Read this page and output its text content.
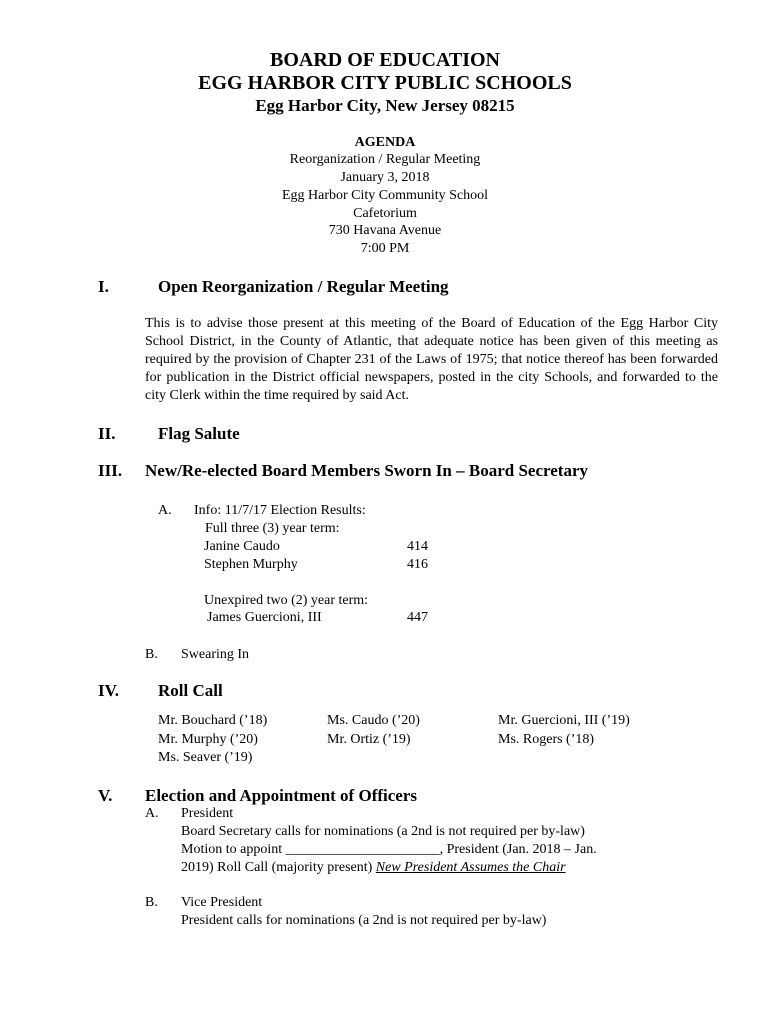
BOARD OF EDUCATION
EGG HARBOR CITY PUBLIC SCHOOLS
Egg Harbor City, New Jersey 08215
AGENDA
Reorganization / Regular Meeting
January 3, 2018
Egg Harbor City Community School
Cafetorium
730 Havana Avenue
7:00 PM
I.	Open Reorganization / Regular Meeting
This is to advise those present at this meeting of the Board of Education of the Egg Harbor City School District, in the County of Atlantic, that adequate notice has been given of this meeting as required by the provision of Chapter 231 of the Laws of 1975; that notice thereof has been forwarded for publication in the District official newspapers, posted in the city Schools, and forwarded to the city Clerk within the time required by said Act.
II.	Flag Salute
III. New/Re-elected Board Members Sworn In – Board Secretary
A. Info: 11/7/17 Election Results:
Full three (3) year term:
Janine Caudo	414
Stephen Murphy	416
Unexpired two (2) year term:
James Guercioni, III	447
B. Swearing In
IV. Roll Call
Mr. Bouchard (’18)	Ms. Caudo (’20)	Mr. Guercioni, III (’19)
Mr. Murphy (’20)	Mr. Ortiz (’19)	Ms. Rogers (’18)
Ms. Seaver (’19)
V. Election and Appointment of Officers
A. President
Board Secretary calls for nominations (a 2nd is not required per by-law)
Motion to appoint ______________________, President (Jan. 2018 – Jan.
2019) Roll Call (majority present) New President Assumes the Chair
B. Vice President
President calls for nominations (a 2nd is not required per by-law)
